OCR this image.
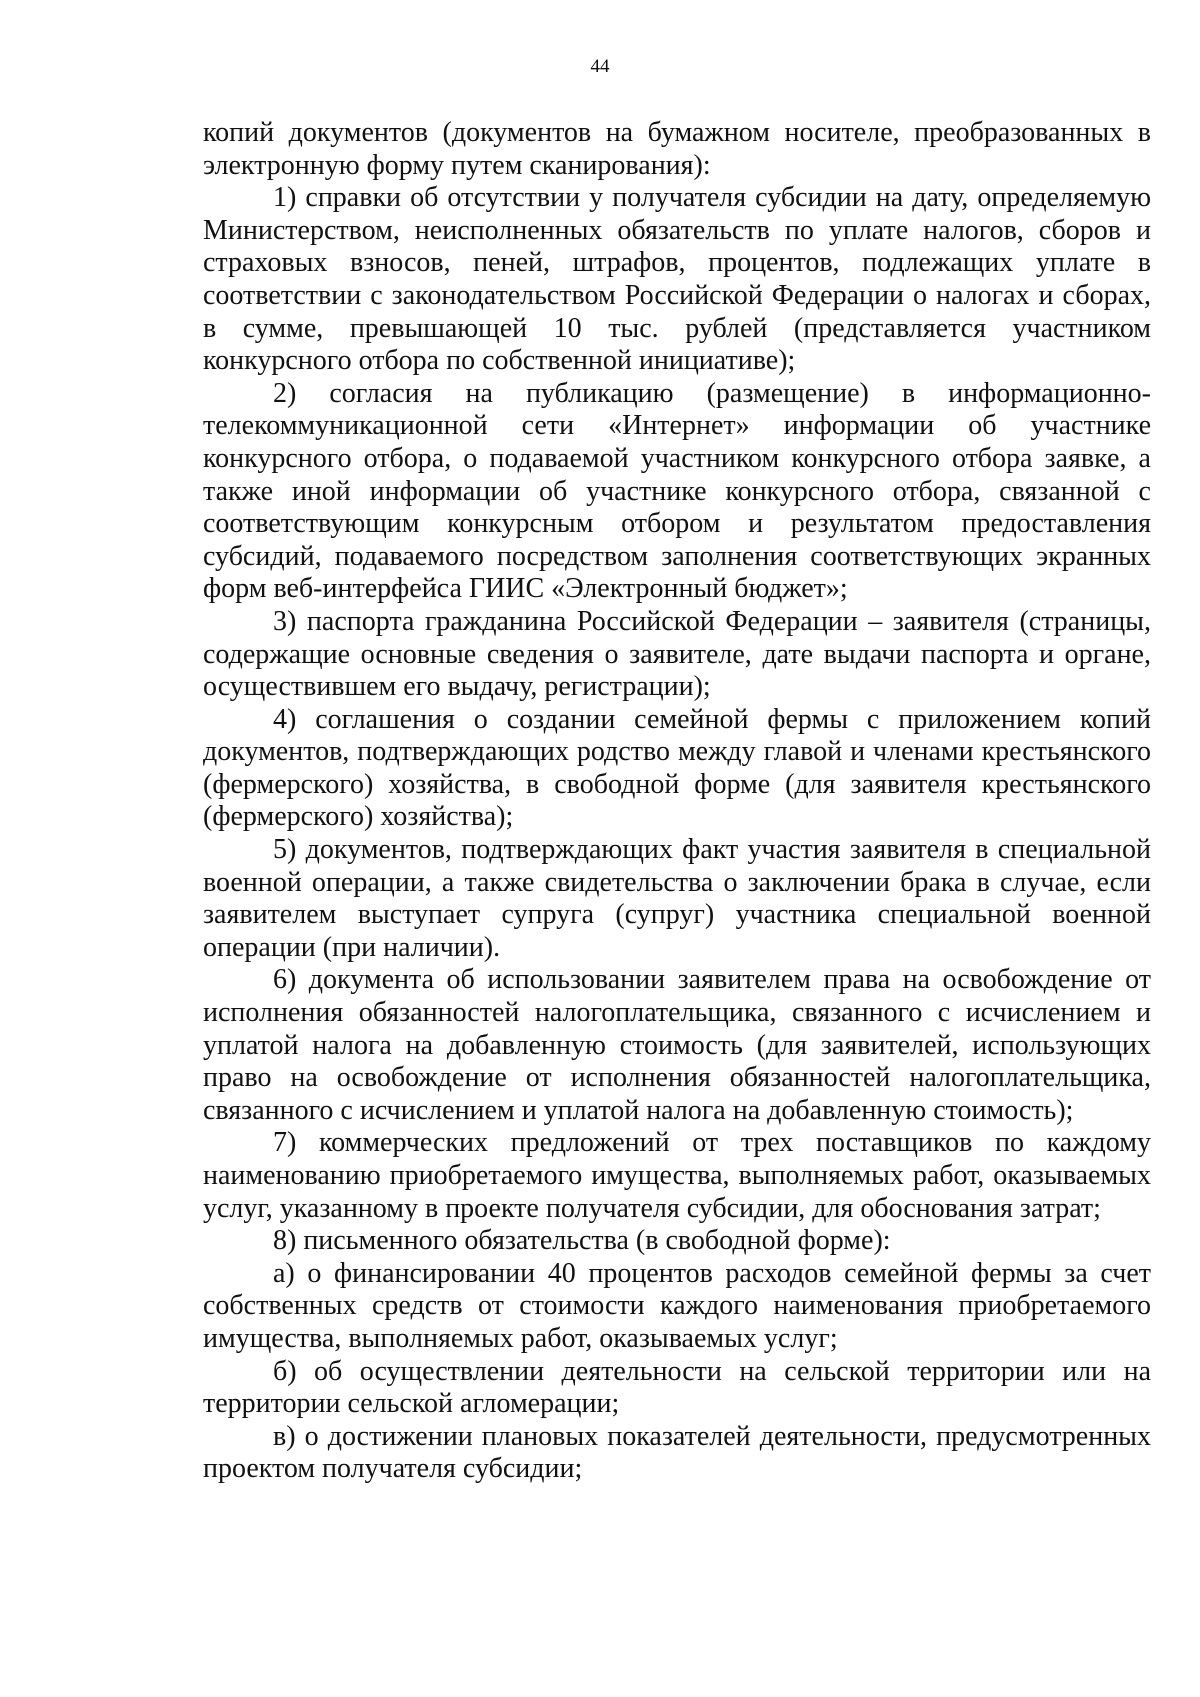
44

копий документов (документов на бумажном носителе, преобразованных в электронную форму путем сканирования):

1) справки об отсутствии у получателя субсидии на дату, определяемую Министерством, неисполненных обязательств по уплате налогов, сборов и страховых взносов, пеней, штрафов, процентов, подлежащих уплате в соответствии с законодательством Российской Федерации о налогах и сборах, в сумме, превышающей 10 тыс. рублей (представляется участником конкурсного отбора по собственной инициативе);

2) согласия на публикацию (размещение) в информационно-телекоммуникационной сети «Интернет» информации об участнике конкурсного отбора, о подаваемой участником конкурсного отбора заявке, а также иной информации об участнике конкурсного отбора, связанной с соответствующим конкурсным отбором и результатом предоставления субсидий, подаваемого посредством заполнения соответствующих экранных форм веб-интерфейса ГИИС «Электронный бюджет»;

3) паспорта гражданина Российской Федерации – заявителя (страницы, содержащие основные сведения о заявителе, дате выдачи паспорта и органе, осуществившем его выдачу, регистрации);

4) соглашения о создании семейной фермы с приложением копий документов, подтверждающих родство между главой и членами крестьянского (фермерского) хозяйства, в свободной форме (для заявителя крестьянского (фермерского) хозяйства);

5) документов, подтверждающих факт участия заявителя в специальной военной операции, а также свидетельства о заключении брака в случае, если заявителем выступает супруга (супруг) участника специальной военной операции (при наличии).

6) документа об использовании заявителем права на освобождение от исполнения обязанностей налогоплательщика, связанного с исчислением и уплатой налога на добавленную стоимость (для заявителей, использующих право на освобождение от исполнения обязанностей налогоплательщика, связанного с исчислением и уплатой налога на добавленную стоимость);

7) коммерческих предложений от трех поставщиков по каждому наименованию приобретаемого имущества, выполняемых работ, оказываемых услуг, указанному в проекте получателя субсидии, для обоснования затрат;

8) письменного обязательства (в свободной форме):

а) о финансировании 40 процентов расходов семейной фермы за счет собственных средств от стоимости каждого наименования приобретаемого имущества, выполняемых работ, оказываемых услуг;

б) об осуществлении деятельности на сельской территории или на территории сельской агломерации;

в) о достижении плановых показателей деятельности, предусмотренных проектом получателя субсидии;
